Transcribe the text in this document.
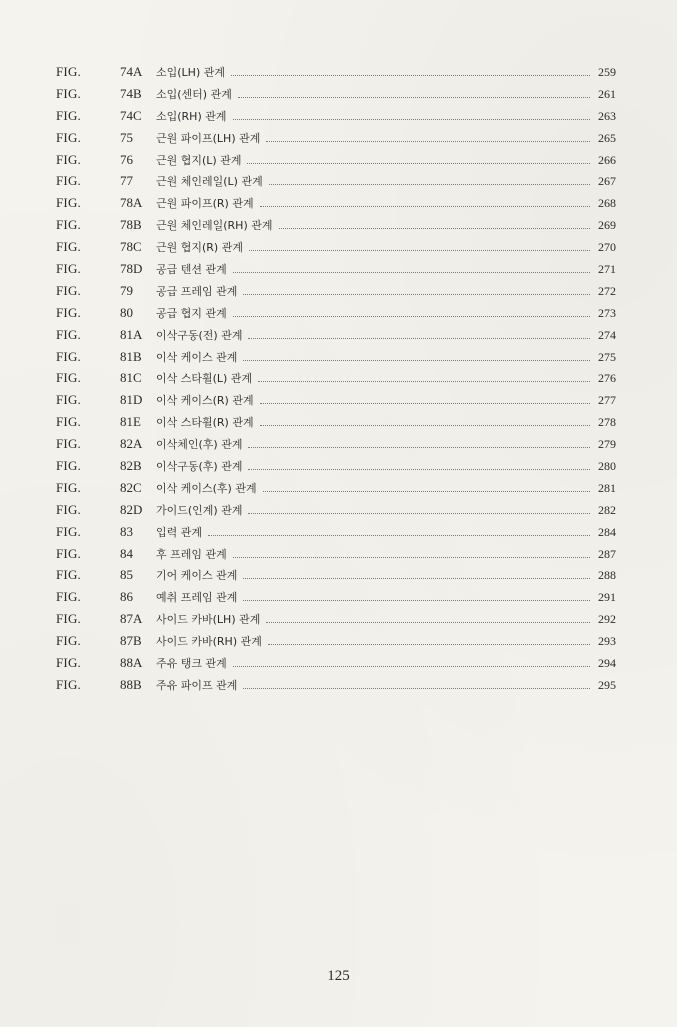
FIG.	74A	소입(LH) 관계	259
FIG.	74B	소입(센터) 관계	261
FIG.	74C	소입(RH) 관계	263
FIG.	75	근원 파이프(LH) 관계	265
FIG.	76	근원 협지(L) 관계	266
FIG.	77	근원 체인레일(L) 관계	267
FIG.	78A	근원 파이프(R) 관계	268
FIG.	78B	근원 체인레일(RH) 관계	269
FIG.	78C	근원 협지(R) 관계	270
FIG.	78D	공급 텐션 관계	271
FIG.	79	공급 프레임 관계	272
FIG.	80	공급 협지 관계	273
FIG.	81A	이삭구동(전) 관계	274
FIG.	81B	이삭 케이스 관계	275
FIG.	81C	이삭 스타휠(L) 관계	276
FIG.	81D	이삭 케이스(R) 관계	277
FIG.	81E	이삭 스타휠(R) 관계	278
FIG.	82A	이삭체인(후) 관계	279
FIG.	82B	이삭구동(후) 관계	280
FIG.	82C	이삭 케이스(후) 관계	281
FIG.	82D	가이드(인계) 관계	282
FIG.	83	입력 관계	284
FIG.	84	후 프레임 관계	287
FIG.	85	기어 케이스 관계	288
FIG.	86	예취 프레임 관계	291
FIG.	87A	사이드 카바(LH) 관계	292
FIG.	87B	사이드 카바(RH) 관계	293
FIG.	88A	주유 탱크 관계	294
FIG.	88B	주유 파이프 관계	295
125
